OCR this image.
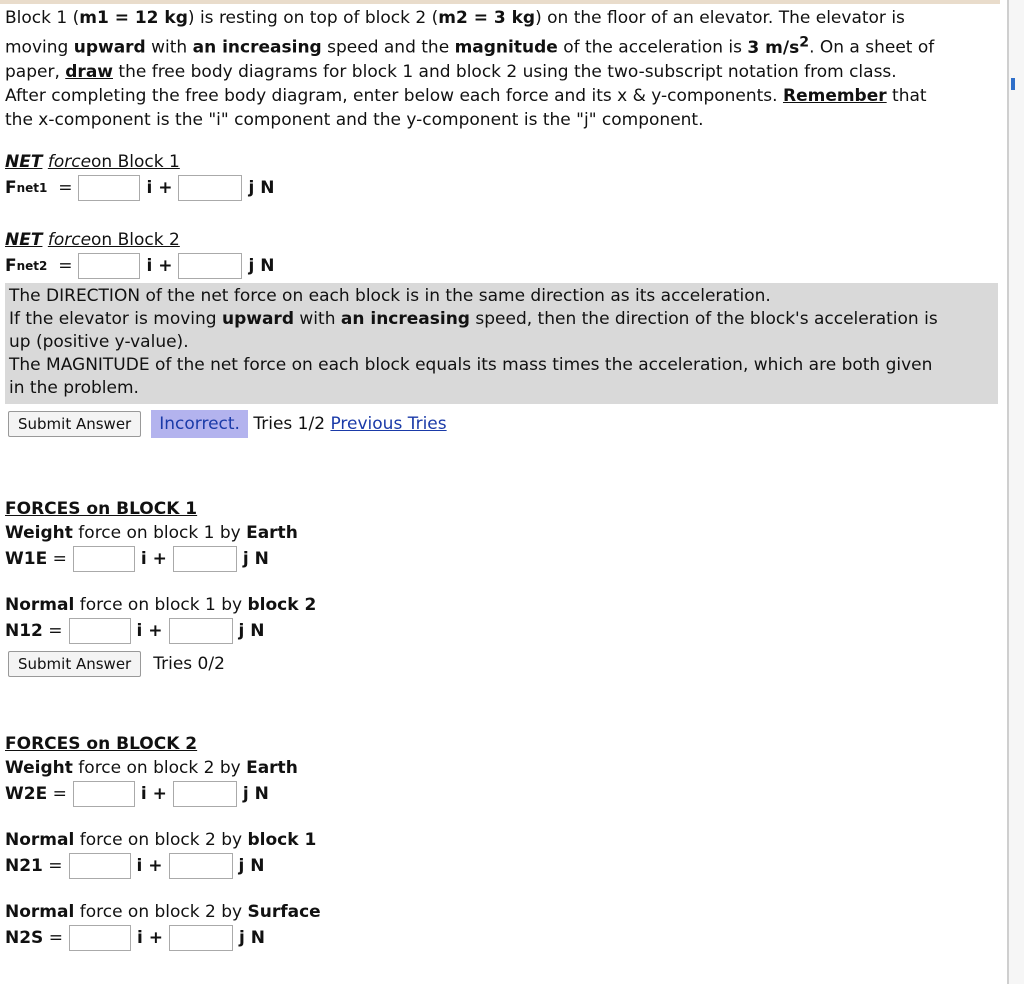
Block 1 (m1 = 12 kg) is resting on top of block 2 (m2 = 3 kg) on the floor of an elevator. The elevator is
moving upward with an increasing speed and the magnitude of the acceleration is 3 $m/s^2$. On a sheet of
paper, draw the free body diagrams for block 1 and block 2 using the two-subscript notation from class.
After completing the free body diagram, enter below each force and its x & y-components. Remember that
the x-component is the "i" component and the y-component is the "j" component.
NET
force on Block 1
F net1
=	i +	j N
NET
force on Block 2
F net2
=	i +	j N
The DIRECTION of the net force on each block is in the same direction as its acceleration.
If the elevator is moving upward with an increasing speed, then the direction of the block's acceleration is
up (positive y-value).
The MAGNITUDE of the net force on each block equals its mass times the acceleration, which are both given
in the problem.
Submit Answer	Incorrect. Tries 1/2 Previous Tries
FORCES on BLOCK 1
Weight force on block 1 by Earth
W1E
=	i +	j N
Normal force on block 1 by block 2
N12
=	i +	j N
Submit Answer	Tries 0/2
FORCES on BLOCK 2
Weight force on block 2 by Earth
W2E
=	i +	j N
Normal force on block 2 by block 1
N21
=	i +	j N
Normal force on block 2 by Surface
N2S
=	i +	j N
